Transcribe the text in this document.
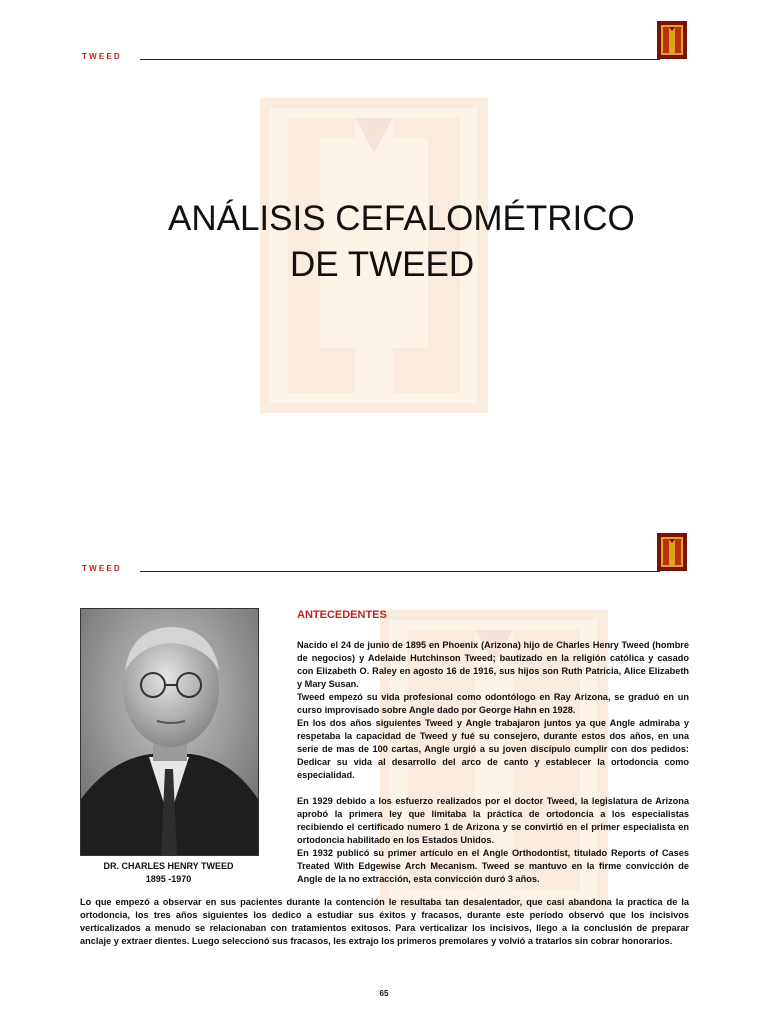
TWEED
ANÁLISIS CEFALOMÉTRICO
DE TWEED
TWEED
DR. CHARLES HENRY TWEED
1895 -1970
ANTECEDENTES

Nacido el 24 de junio de 1895 en Phoenix (Arizona) hijo de Charles Henry Tweed (hombre de negocios) y Adelaide Hutchinson Tweed; bautizado en la religión católica y casado con Elizabeth O. Raley en agosto 16 de 1916, sus hijos son Ruth Patricia, Alice Elizabeth y Mary Susan.

Tweed empezó su vida profesional como odontólogo en Ray Arizona, se graduó en un curso improvisado sobre Angle dado por George Hahn en 1928.

En los dos años siguientes Tweed y Angle trabajaron juntos ya que Angle admiraba y respetaba la capacidad de Tweed y fué su consejero, durante estos dos años, en una serie de mas de 100 cartas, Angle urgió a su joven discípulo cumplir con dos pedidos: Dedicar su vida al desarrollo del arco de canto y establecer la ortodoncia como especialidad.

En 1929 debido a los esfuerzo realizados por el doctor Tweed, la legislatura de Arizona aprobó la primera ley que limitaba la práctica de ortodoncia a los especialistas recibiendo el certificado numero 1 de Arizona y se convirtió en el primer especialista en ortodoncia habilitado en los Estados Unidos.

En 1932 publicó su primer artículo en el Angle Orthodontist, titulado Reports of Cases Treated With Edgewise Arch Mecanism. Tweed se mantuvo en la firme convicción de Angle de la no extracción, esta convicción duró 3 años.

Lo que empezó a observar en sus pacientes durante la contención le resultaba tan desalentador, que casi abandona la practica de la ortodoncia, los tres años siguientes los dedico a estudiar sus éxitos y fracasos, durante este período observó que los incisivos verticalizados a menudo se relacionaban con tratamientos exitosos. Para verticalizar los incisivos, llego a la conclusión de preparar anclaje y extraer dientes. Luego seleccionó sus fracasos, les extrajo los primeros premolares y volvió a tratarlos sin cobrar honorarios.

65
